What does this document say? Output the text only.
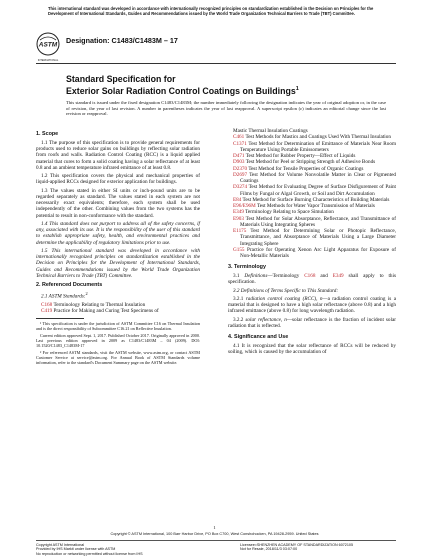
This international standard was developed in accordance with internationally recognized principles on standardization established in the Decision on Principles for the Development of International Standards, Guides and Recommendations issued by the World Trade Organization Technical Barriers to Trade (TBT) Committee.
ASTM
INTERNATIONAL
Designation: C1483/C1483M – 17
Standard Specification for
Exterior Solar Radiation Control Coatings on Buildings$^1$
This standard is issued under the fixed designation C1483/C1483M; the number immediately following the designation indicates the year of original adoption or, in the case of revision, the year of last revision. A number in parentheses indicates the year of last reapproval. A superscript epsilon (ε) indicates an editorial change since the last revision or reapproval.
1. Scope

1.1 The purpose of this specification is to provide general requirements for products used to reduce solar gains on buildings by reflecting solar radiation from roofs and walls. Radiation Control Coating (RCC) is a liquid applied material that cures to form a solid coating having a solar reflectance of at least 0.8 and an ambient temperature infrared emittance of at least 0.8.

1.2 This specification covers the physical and mechanical properties of liquid-applied RCCs designed for exterior application for buildings.

1.3 The values stated in either SI units or inch-pound units are to be regarded separately as standard. The values stated in each system are not necessarily exact equivalents; therefore, each system shall be used independently of the other. Combining values from the two systems has the potential to result in non-conformance with the standard.

1.4 This standard does not purport to address all of the safety concerns, if any, associated with its use. It is the responsibility of the user of this standard to establish appropriate safety, health, and environmental practices and determine the applicability of regulatory limitations prior to use.

1.5 This international standard was developed in accordance with internationally recognized principles on standardization established in the Decision on Principles for the Development of International Standards, Guides and Recommendations issued by the World Trade Organization Technical Barriers to Trade (TBT) Committee.

2. Referenced Documents

2.1 ASTM Standards:$^2$

C168 Terminology Relating to Thermal Insulation
C419 Practice for Making and Curing Test Specimens of

¹ This specification is under the jurisdiction of ASTM Committee C16 on Thermal Insulation and is the direct responsibility of Subcommittee C16.21 on Reflective Insulation.

Current edition approved Sept. 1, 2017. Published October 2017. Originally approved in 2000. Last previous edition approved in 2009 as C1483/C1483M – 04 (2009). DOI: 10.1520/C1483_C1483M-17

² For referenced ASTM standards, visit the ASTM website, www.astm.org, or contact ASTM Customer Service at service@astm.org. For Annual Book of ASTM Standards volume information, refer to the standard's Document Summary page on the ASTM website.

Mastic Thermal Insulation Coatings
C461 Test Methods for Mastics and Coatings Used With Thermal Insulation
C1371 Test Method for Determination of Emittance of Materials Near Room Temperature Using Portable Emissometers
D471 Test Method for Rubber Property—Effect of Liquids
D903 Test Method for Peel or Stripping Strength of Adhesive Bonds
D2370 Test Method for Tensile Properties of Organic Coatings
D2697 Test Method for Volume Nonvolatile Matter in Clear or Pigmented Coatings
D3274 Test Method for Evaluating Degree of Surface Disfigurement of Paint Films by Fungal or Algal Growth, or Soil and Dirt Accumulation
E84 Test Method for Surface Burning Characteristics of Building Materials
E96/E96M Test Methods for Water Vapor Transmission of Materials
E349 Terminology Relating to Space Simulation
E903 Test Method for Solar Absorptance, Reflectance, and Transmittance of Materials Using Integrating Spheres
E1175 Test Method for Determining Solar or Photopic Reflectance, Transmittance, and Absorptance of Materials Using a Large Diameter Integrating Sphere
G155 Practice for Operating Xenon Arc Light Apparatus for Exposure of Non-Metallic Materials
3. Terminology

3.1 Definitions—Terminology C168 and E349 shall apply to this specification.

3.2 Definitions of Terms Specific to This Standard:

3.2.1 radiation control coating (RCC), n—a radiation control coating is a material that is designed to have a high solar reflectance (above 0.8) and a high infrared emittance (above 0.8) for long wavelength radiation.

3.2.2 solar reflectance, n—solar reflectance is the fraction of incident solar radiation that is reflected.

4. Significance and Use

4.1 It is recognized that the solar reflectance of RCCs will be reduced by soiling, which is caused by the accumulation of

Copyright © ASTM International, 100 Barr Harbor Drive, PO Box C700, West Conshohocken, PA 19428-2959. United States
1
Copyright ASTM International
Provided by IHS Markit under license with ASTM
No reproduction or networking permitted without license from IHS
Licensee=SHENZHEN ACADEMY OF STANDARDIZATION 6072105
Not for Resale, 2018/11/3 03:07:00
